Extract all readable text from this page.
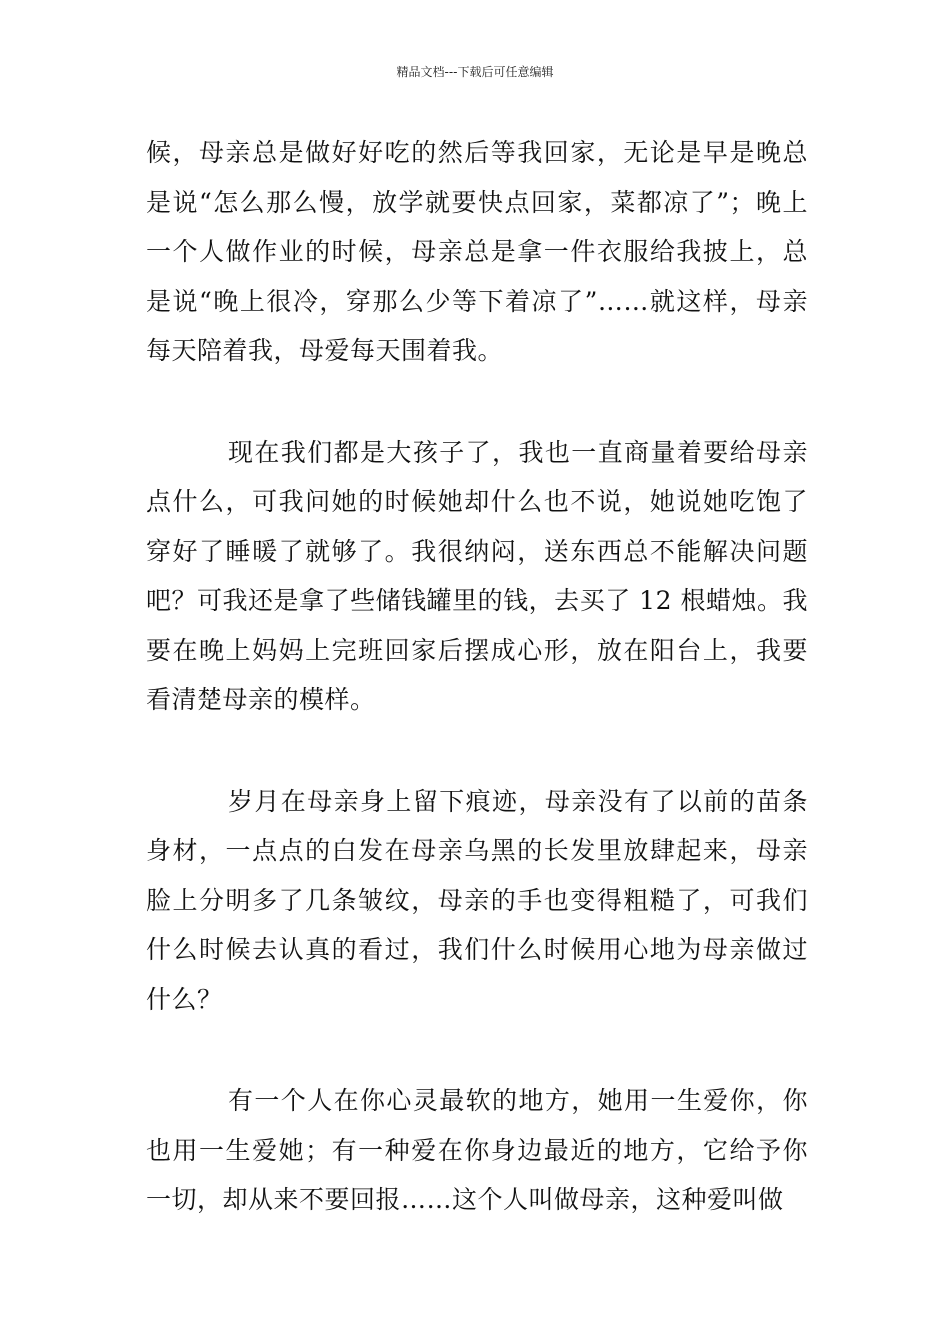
精品文档---下载后可任意编辑

候，母亲总是做好好吃的然后等我回家，无论是早是晚总是说“怎么那么慢，放学就要快点回家，菜都凉了”；晚上一个人做作业的时候，母亲总是拿一件衣服给我披上，总是说“晚上很冷，穿那么少等下着凉了”……就这样，母亲每天陪着我，母爱每天围着我。

现在我们都是大孩子了，我也一直商量着要给母亲点什么，可我问她的时候她却什么也不说，她说她吃饱了穿好了睡暖了就够了。我很纳闷，送东西总不能解决问题吧？可我还是拿了些储钱罐里的钱，去买了 12 根蜡烛。我要在晚上妈妈上完班回家后摆成心形，放在阳台上，我要看清楚母亲的模样。

岁月在母亲身上留下痕迹，母亲没有了以前的苗条身材，一点点的白发在母亲乌黑的长发里放肆起来，母亲脸上分明多了几条皱纹，母亲的手也变得粗糙了，可我们什么时候去认真的看过，我们什么时候用心地为母亲做过什么？

有一个人在你心灵最软的地方，她用一生爱你，你也用一生爱她；有一种爱在你身边最近的地方，它给予你一切，却从来不要回报……这个人叫做母亲，这种爱叫做
